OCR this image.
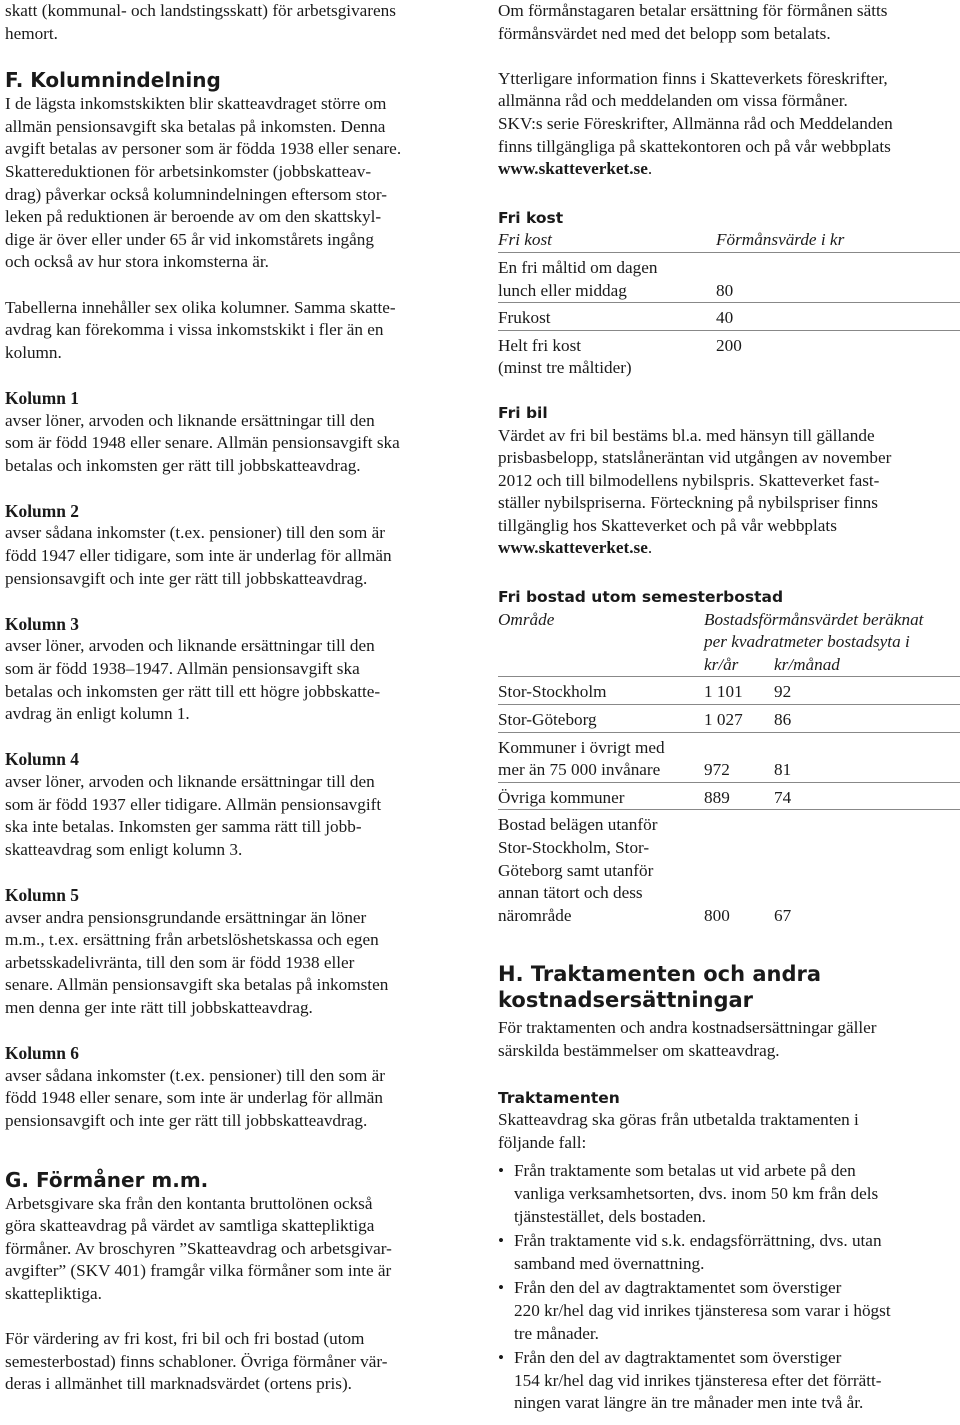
skatt (kommunal- och landstingsskatt) för arbetsgivarens

hemort.

F. Kolumnindelning

I de lägsta inkomstskikten blir skatteavdraget större om

allmän pensionsavgift ska betalas på inkomsten. Denna

avgift betalas av personer som är födda 1938 eller senare.

Skattereduktionen för arbetsinkomster (jobbskatteav-

drag) påverkar också kolumnindelningen eftersom stor-

leken på reduktionen är beroende av om den skattskyl-

dige är över eller under 65 år vid inkomstårets ingång

och också av hur stora inkomsterna är.

Tabellerna innehåller sex olika kolumner. Samma skatte-

avdrag kan förekomma i vissa inkomstskikt i fler än en

kolumn.

Kolumn 1

avser löner, arvoden och liknande ersättningar till den

som är född 1948 eller senare. Allmän pensionsavgift ska

betalas och inkomsten ger rätt till jobbskatteavdrag.

Kolumn 2

avser sådana inkomster (t.ex. pensioner) till den som är

född 1947 eller tidigare, som inte är underlag för allmän

pensionsavgift och inte ger rätt till jobbskatteavdrag.

Kolumn 3

avser löner, arvoden och liknande ersättningar till den

som är född 1938–1947. Allmän pensionsavgift ska

betalas och inkomsten ger rätt till ett högre jobbskatte-

avdrag än enligt kolumn 1.

Kolumn 4

avser löner, arvoden och liknande ersättningar till den

som är född 1937 eller tidigare. Allmän pensionsavgift

ska inte betalas. Inkomsten ger samma rätt till jobb-

skatteavdrag som enligt kolumn 3.

Kolumn 5

avser andra pensionsgrundande ersättningar än löner

m.m., t.ex. ersättning från arbetslöshetskassa och egen

arbetsskadelivränta, till den som är född 1938 eller

senare. Allmän pensionsavgift ska betalas på inkomsten

men denna ger inte rätt till jobbskatteavdrag.

Kolumn 6

avser sådana inkomster (t.ex. pensioner) till den som är

född 1948 eller senare, som inte är underlag för allmän

pensionsavgift och inte ger rätt till jobbskatteavdrag.

G. Förmåner m.m.

Arbetsgivare ska från den kontanta bruttolönen också

göra skatteavdrag på värdet av samtliga skattepliktiga

förmåner. Av broschyren ”Skatteavdrag och arbetsgivar-

avgifter” (SKV 401) framgår vilka förmåner som inte är

skattepliktiga.

För värdering av fri kost, fri bil och fri bostad (utom

semesterbostad) finns schabloner. Övriga förmåner vär-

deras i allmänhet till marknadsvärdet (ortens pris).

Om förmånstagaren betalar ersättning för förmånen sätts

förmånsvärdet ned med det belopp som betalats.

Ytterligare information finns i Skatteverkets föreskrifter,

allmänna råd och meddelanden om vissa förmåner.

SKV:s serie Föreskrifter, Allmänna råd och Meddelanden

finns tillgängliga på skattekontoren och på vår webbplats

www.skatteverket.se.

Fri kost

Fri kost	Förmånsvärde i kr

En fri måltid om dagen
lunch eller middag	80
Frukost	40

Helt fri kost
(minst tre måltider)	200

Fri bil

Värdet av fri bil bestäms bl.a. med hänsyn till gällande

prisbasbelopp, statslåneräntan vid utgången av november

2012 och till bilmodellens nybilspris. Skatteverket fast-

ställer nybilspriserna. Förteckning på nybilspriser finns

tillgänglig hos Skatteverket och på vår webbplats

www.skatteverket.se.

Fri bostad utom semesterbostad

Område	Bostadsförmånsvärdet beräknat
per kvadratmeter bostadsyta i	

	kr/år	kr/månad
Stor-Stockholm	1 101	92
Stor-Göteborg	1 027	86

Kommuner i övrigt med
mer än 75 000 invånare	972	81
Övriga kommuner	889	74

Bostad belägen utanför
Stor-Stockholm, Stor-
Göteborg samt utanför
annan tätort och dess
närområde	800	67

H. Traktamenten och andra

kostnadsersättningar

För traktamenten och andra kostnadsersättningar gäller

särskilda bestämmelser om skatteavdrag.

Traktamenten

Skatteavdrag ska göras från utbetalda traktamenten i

följande fall:

• Från traktamente som betalas ut vid arbete på den
vanliga verksamhetsorten, dvs. inom 50 km från dels
tjänstestället, dels bostaden.
• Från traktamente vid s.k. endagsförrättning, dvs. utan
samband med övernattning.
• Från den del av dagtraktamentet som överstiger
220 kr/hel dag vid inrikes tjänsteresa som varar i högst
tre månader.
• Från den del av dagtraktamentet som överstiger
154 kr/hel dag vid inrikes tjänsteresa efter det förrätt-
ningen varat längre än tre månader men inte två år.
